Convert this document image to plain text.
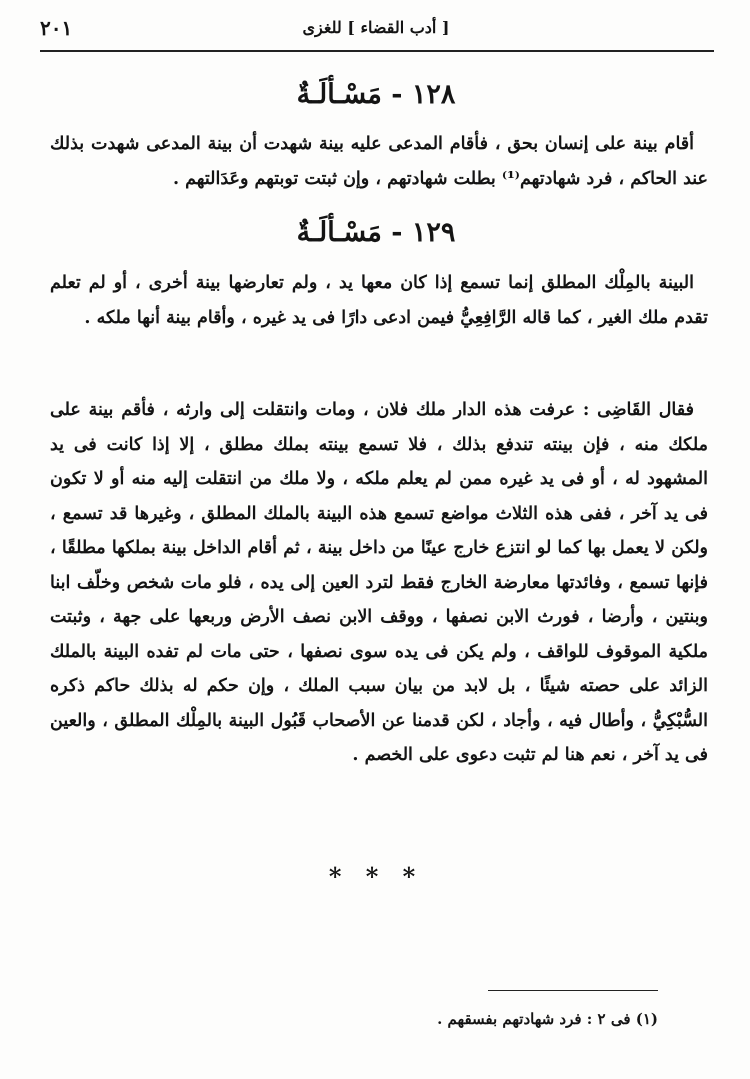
[ أدب القضاء ] للغزى
٢٠١
١٢٨ - مَسْـألَـةٌ

أقام بينة على إنسان بحق ، فأقام المدعى عليه بينة شهدت أن بينة المدعى شهدت بذلك عند الحاكم ، فرد شهادتهم⁽¹⁾ بطلت شهادتهم ، وإن ثبتت توبتهم وعَدَالتهم .

١٢٩ - مَسْـألَـةٌ

البينة بالمِلْك المطلق إنما تسمع إذا كان معها يد ، ولم تعارضها بينة أخرى ، أو لم تعلم تقدم ملك الغير ، كما قاله الرَّافِعِيُّ فيمن ادعى دارًا فى يد غيره ، وأقام بينة أنها ملكه .

فقال القَاضِى : عرفت هذه الدار ملك فلان ، ومات وانتقلت إلى وارثه ، فأقم بينة على ملكك منه ، فإن بينته تندفع بذلك ، فلا تسمع بينته بملك مطلق ، إلا إذا كانت فى يد المشهود له ، أو فى يد غيره ممن لم يعلم ملكه ، ولا ملك من انتقلت إليه منه أو لا تكون فى يد آخر ، ففى هذه الثلاث مواضع تسمع هذه البينة بالملك المطلق ، وغيرها قد تسمع ، ولكن لا يعمل بها كما لو انتزع خارج عينًا من داخل بينة ، ثم أقام الداخل بينة بملكها مطلقًا ، فإنها تسمع ، وفائدتها معارضة الخارج فقط لترد العين إلى يده ، فلو مات شخص وخلّف ابنا وبنتين ، وأرضا ، فورث الابن نصفها ، ووقف الابن نصف الأرض وربعها على جهة ، وثبتت ملكية الموقوف للواقف ، ولم يكن فى يده سوى نصفها ، حتى مات لم تفده البينة بالملك الزائد على حصته شيئًا ، بل لابد من بيان سبب الملك ، وإن حكم له بذلك حاكم ذكره السُّبْكِيُّ ، وأطال فيه ، وأجاد ، لكن قدمنا عن الأصحاب قَبُول البينة بالمِلْك المطلق ، والعين فى يد آخر ، نعم هنا لم تثبت دعوى على الخصم .

* * *
(١) فى ٢ : فرد شهادتهم بفسقهم .
